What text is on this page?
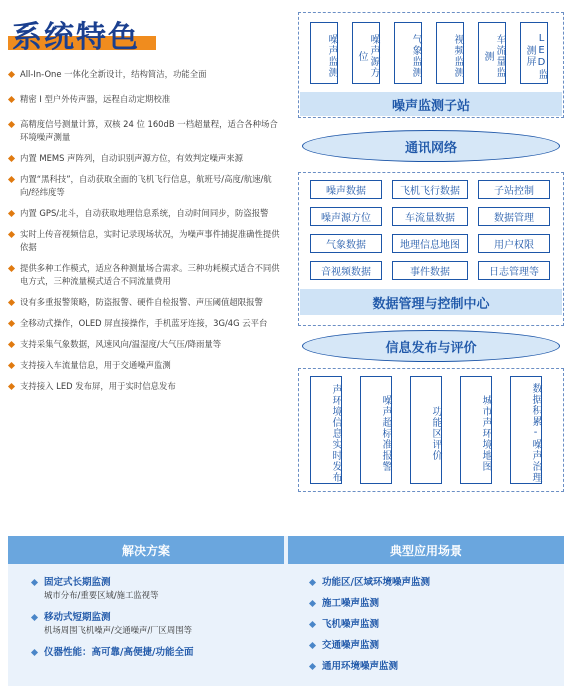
系统特色
All-In-One 一体化全新设计，结构简洁，功能全面
精密 I 型户外传声器，远程自动定期校准
高精度信号测量计算，双核 24 位 160dB 一档超量程，适合各种场合环境噪声测量
内置 MEMS 声阵列，自动识别声源方位，有效判定噪声来源
内置“黑科技”，自动获取全面的飞机飞行信息，航班号/高度/航速/航向/经纬度等
内置 GPS/北斗，自动获取地理信息系统，自动时间同步，防盗报警
实时上传音视频信息，实时记录现场状况，为噪声事件捕捉准确性提供依据
提供多种工作模式，适应各种测量场合需求。三种功耗模式适合不同供电方式，三种流量模式适合不同流量费用
设有多重报警策略，防盗报警、硬件自检报警、声压阈值超限报警
全移动式操作，OLED 屏直接操作，手机蓝牙连接，3G/4G 云平台
支持采集气象数据，风速风向/温湿度/大气压/降雨量等
支持接入车流量信息，用于交通噪声监测
支持接入 LED 发布屏，用于实时信息发布
噪声监测	噪声源方位	气象监测	视频监测	车流量监测	LED监测屏
噪声监测子站
通讯网络
噪声数据	飞机飞行数据	子站控制
噪声源方位	车流量数据	数据管理
气象数据	地理信息地图	用户权限
音视频数据	事件数据	日志管理等
数据管理与控制中心
信息发布与评价
声环境信息实时发布	噪声超标准报警	功能区评价	城市声环境地图	数据积累-噪声治理
解决方案	典型应用场景
固定式长期监测
城市分布/重要区域/施工监视等
移动式短期监测
机场周围飞机噪声/交通噪声/厂区周围等
仪器性能：高可靠/高便捷/功能全面
功能区/区域环境噪声监测
施工噪声监测
飞机噪声监测
交通噪声监测
通用环境噪声监测
